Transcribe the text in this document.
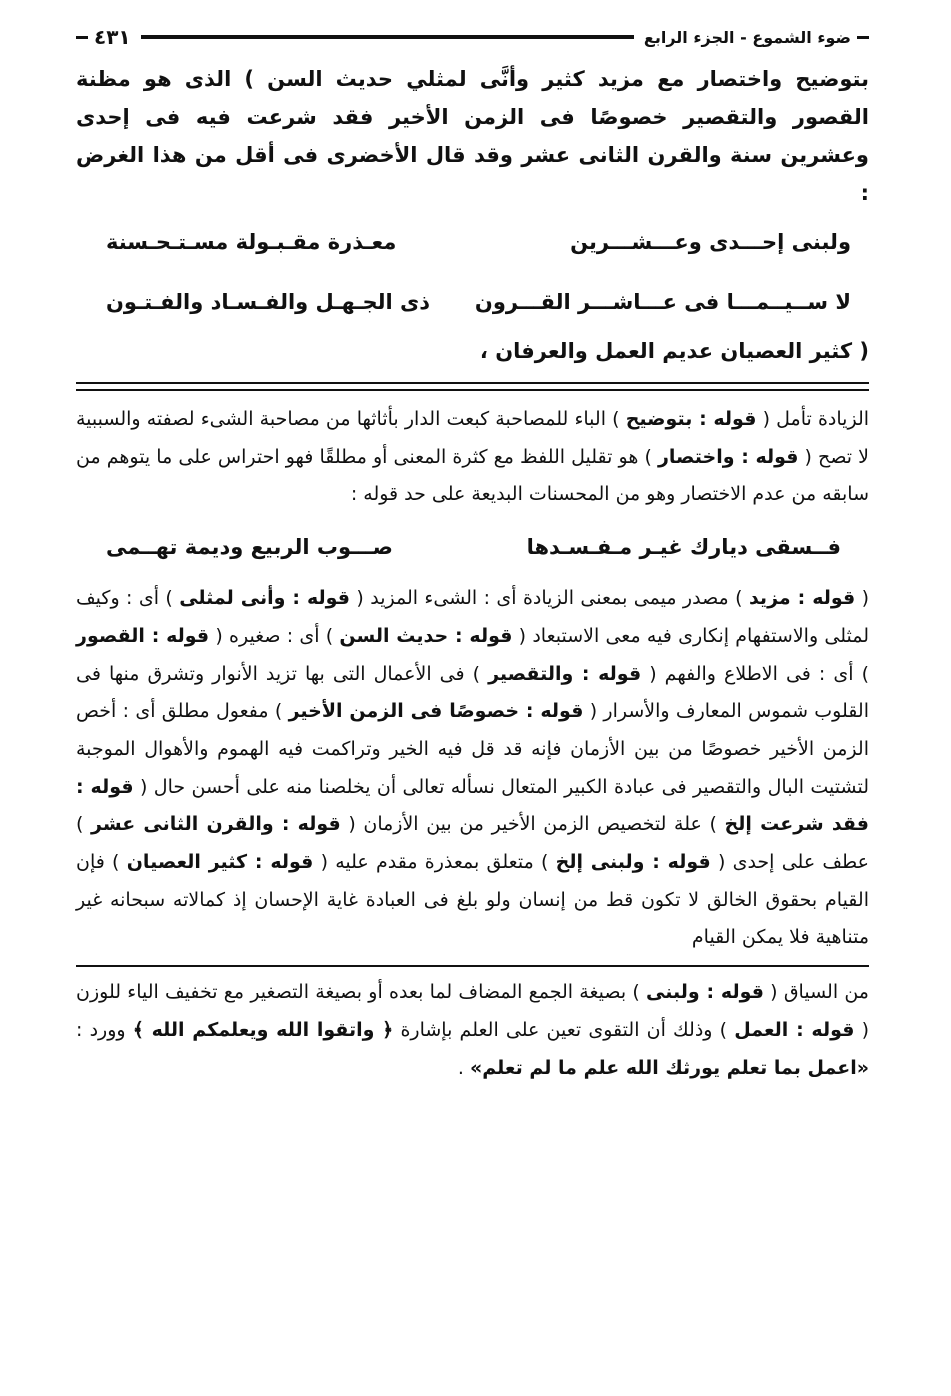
ضوء الشموع - الجزء الرابع
٤٣١

بتوضيح واختصار مع مزيد كثير وأنَّى لمثلي حديث السن ) الذى هو مظنة القصور والتقصير خصوصًا فى الزمن الأخير فقد شرعت فيه فى إحدى وعشرين سنة والقرن الثانى عشر وقد قال الأخضرى فى أقل من هذا الغرض :

ولبنى إحـــدى وعـــشـــرين
معـذرة مقـبـولة مسـتـحـسنة
لا ســيــمـــا فى عـــاشـــر القـــرون
ذى الجـهـل والفـسـاد والفـتـون

( كثير العصيان عديم العمل والعرفان ،

الزيادة تأمل ( قوله : بتوضيح ) الباء للمصاحبة كبعت الدار بأثاثها من مصاحبة الشىء لصفته والسببية لا تصح ( قوله : واختصار ) هو تقليل اللفظ مع كثرة المعنى أو مطلقًا فهو احتراس على ما يتوهم من سابقه من عدم الاختصار وهو من المحسنات البديعة على حد قوله :

فــسقى ديارك غيـر مـفـسـدها
صـــوب الربيع وديمة تهــمى

( قوله : مزيد ) مصدر ميمى بمعنى الزيادة أى : الشىء المزيد ( قوله : وأنى لمثلى ) أى : وكيف لمثلى والاستفهام إنكارى فيه معى الاستبعاد ( قوله : حديث السن ) أى : صغيره ( قوله : القصور ) أى : فى الاطلاع والفهم ( قوله : والتقصير ) فى الأعمال التى بها تزيد الأنوار وتشرق منها فى القلوب شموس المعارف والأسرار ( قوله : خصوصًا فى الزمن الأخير ) مفعول مطلق أى : أخص الزمن الأخير خصوصًا من بين الأزمان فإنه قد قل فيه الخير وتراكمت فيه الهموم والأهوال الموجبة لتشتيت البال والتقصير فى عبادة الكبير المتعال نسأله تعالى أن يخلصنا منه على أحسن حال ( قوله : فقد شرعت إلخ ) علة لتخصيص الزمن الأخير من بين الأزمان ( قوله : والقرن الثانى عشر ) عطف على إحدى ( قوله : ولبنى إلخ ) متعلق بمعذرة مقدم عليه ( قوله : كثير العصيان ) فإن القيام بحقوق الخالق لا تكون قط من إنسان ولو بلغ فى العبادة غاية الإحسان إذ كمالاته سبحانه غير متناهية فلا يمكن القيام

من السياق ( قوله : ولبنى ) بصيغة الجمع المضاف لما بعده أو بصيغة التصغير مع تخفيف الياء للوزن ( قوله : العمل ) وذلك أن التقوى تعين على العلم بإشارة ﴿ واتقوا الله ويعلمكم الله ﴾ وورد : «اعمل بما تعلم يورثك الله علم ما لم تعلم» .
